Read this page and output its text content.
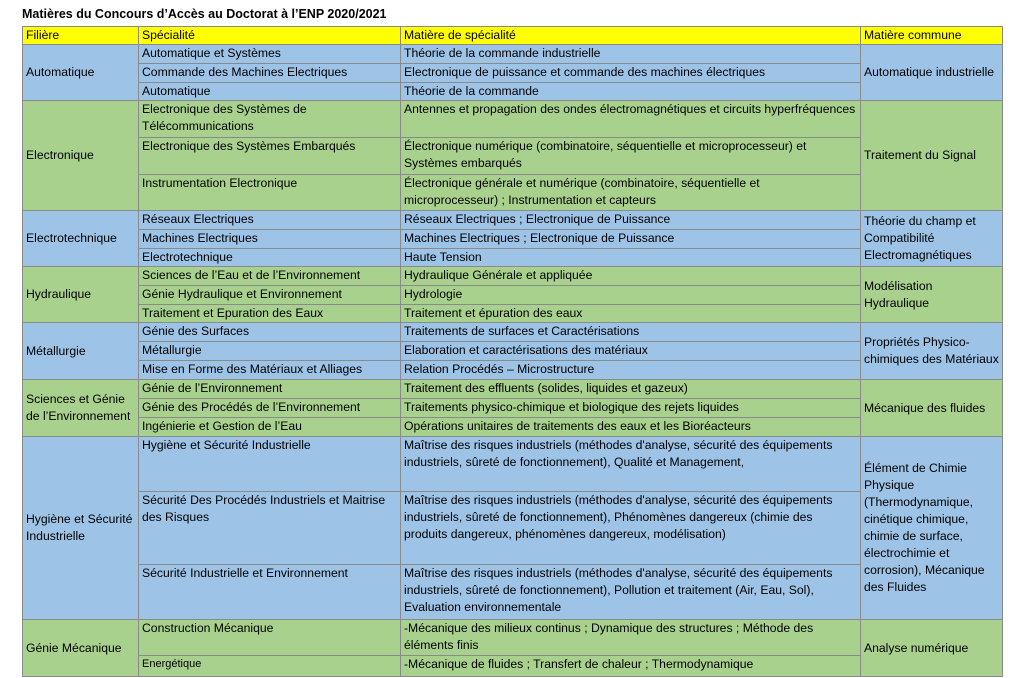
Matières du Concours d’Accès au Doctorat à l’ENP 2020/2021
Filière	Spécialité	Matière de spécialité	Matière commune
Automatique	Automatique et Systèmes	Théorie de la commande industrielle	Automatique industrielle
	Commande des Machines Electriques	Electronique de puissance et commande des machines électriques	
	Automatique	Théorie de la commande	
Electronique	Electronique des Systèmes de Télécommunications	Antennes et propagation des ondes électromagnétiques et circuits hyperfréquences	Traitement du Signal
	Electronique des Systèmes Embarqués	Électronique numérique (combinatoire, séquentielle et microprocesseur) et Systèmes embarqués	
	Instrumentation Electronique	Électronique générale et numérique (combinatoire, séquentielle et microprocesseur) ; Instrumentation et capteurs	
Electrotechnique	Réseaux Electriques	Réseaux Electriques ; Electronique de Puissance	Théorie du champ et Compatibilité Electromagnétiques
	Machines Electriques	Machines Electriques ; Electronique de Puissance	
	Electrotechnique	Haute Tension	
Hydraulique	Sciences de l’Eau et de l’Environnement	Hydraulique Générale et appliquée	Modélisation Hydraulique
	Génie Hydraulique et Environnement	Hydrologie	
	Traitement et Epuration des Eaux	Traitement et épuration des eaux	
Métallurgie	Génie des Surfaces	Traitements de surfaces et Caractérisations	Propriétés Physico-chimiques des Matériaux
	Métallurgie	Elaboration et caractérisations des matériaux	
	Mise en Forme des Matériaux et Alliages	Relation Procédés – Microstructure	
Sciences et Génie de l’Environnement	Génie de l’Environnement	Traitement des effluents (solides, liquides et gazeux)	Mécanique des fluides
	Génie des Procédés de l’Environnement	Traitements physico-chimique et biologique des rejets liquides	
	Ingénierie et Gestion de l’Eau	Opérations unitaires de traitements des eaux et les Bioréacteurs	
Hygiène et Sécurité Industrielle	Hygiène et Sécurité Industrielle	Maîtrise des risques industriels (méthodes d'analyse, sécurité des équipements industriels, sûreté de fonctionnement), Qualité et Management,	Élément de Chimie Physique (Thermodynamique, cinétique chimique, chimie de surface, électrochimie et corrosion), Mécanique des Fluides
	Sécurité Des Procédés Industriels et Maitrise des Risques	Maîtrise des risques industriels (méthodes d'analyse, sécurité des équipements industriels, sûreté de fonctionnement), Phénomènes dangereux (chimie des produits dangereux, phénomènes dangereux, modélisation)	
	Sécurité Industrielle et Environnement	Maîtrise des risques industriels (méthodes d'analyse, sécurité des équipements industriels, sûreté de fonctionnement), Pollution et traitement (Air, Eau, Sol), Evaluation environnementale	
Génie Mécanique	Construction Mécanique	-Mécanique des milieux continus ; Dynamique des structures ; Méthode des éléments finis	Analyse numérique
	Energétique	-Mécanique de fluides ; Transfert de chaleur ; Thermodynamique	
